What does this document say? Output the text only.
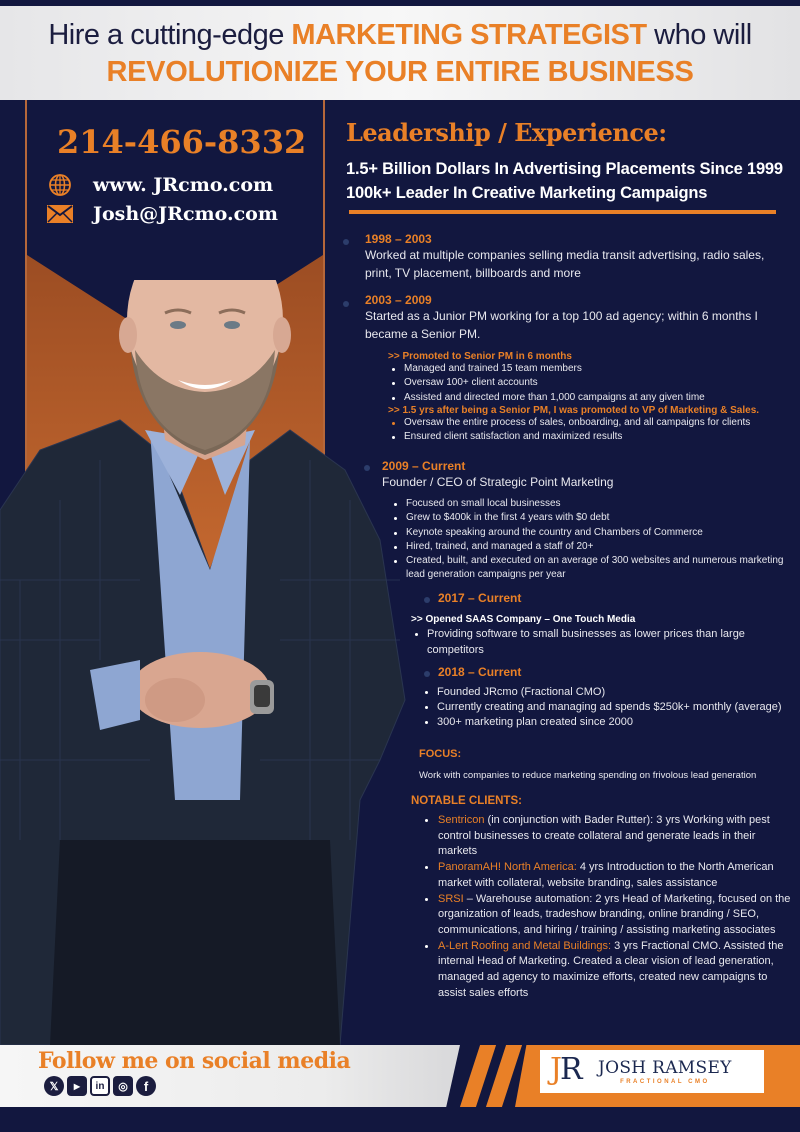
Hire a cutting-edge MARKETING STRATEGIST who will
REVOLUTIONIZE YOUR ENTIRE BUSINESS
214-466-8332
www. JRcmo.com
Josh@JRcmo.com
Leadership / Experience:
1.5+ Billion Dollars In Advertising Placements Since 1999
100k+ Leader In Creative Marketing Campaigns
1998 – 2003
Worked at multiple companies selling media transit advertising, radio sales, print, TV placement, billboards and more
2003 – 2009
Started as a Junior PM working for a top 100 ad agency; within 6 months I became a Senior PM.
>> Promoted to Senior PM in 6 months
Managed and trained 15 team members
Oversaw 100+ client accounts
Assisted and directed more than 1,000 campaigns at any given time
>> 1.5 yrs after being a Senior PM, I was promoted to VP of Marketing & Sales.
Oversaw the entire process of sales, onboarding, and all campaigns for clients
Ensured client satisfaction and maximized results
2009 – Current
Founder / CEO of Strategic Point Marketing
Focused on small local businesses
Grew to $400k in the first 4 years with $0 debt
Keynote speaking around the country and Chambers of Commerce
Hired, trained, and managed a staff of 20+
Created, built, and executed on an average of 300 websites and numerous marketing lead generation campaigns per year
2017 – Current
>> Opened SAAS Company – One Touch Media
Providing software to small businesses as lower prices than large competitors
2018 – Current
Founded JRcmo (Fractional CMO)
Currently creating and managing ad spends $250k+ monthly (average)
300+ marketing plan created since 2000
FOCUS:
Work with companies to reduce marketing spending on frivolous lead generation
NOTABLE CLIENTS:
Sentricon (in conjunction with Bader Rutter): 3 yrs Working with pest control businesses to create collateral and generate leads in their markets
PanoramAH! North America: 4 yrs Introduction to the North American market with collateral, website branding, sales assistance
SRSI – Warehouse automation: 2 yrs Head of Marketing, focused on the organization of leads, tradeshow branding, online branding / SEO, communications, and hiring / training / assisting marketing associates
A-Lert Roofing and Metal Buildings: 3 yrs Fractional CMO. Assisted the internal Head of Marketing. Created a clear vision of lead generation, managed ad agency to maximize efforts, created new campaigns to assist sales efforts
Follow me on social media
𝕏 ▶ in ◎ f	J
R JOSH RAMSEY
FRACTIONAL CMO
